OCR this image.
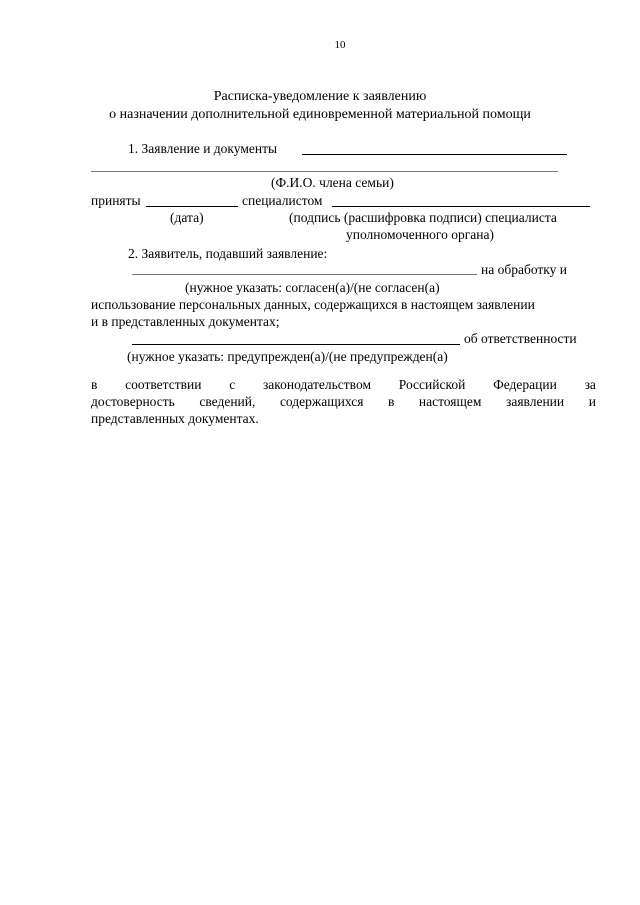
10
Расписка-уведомление к заявлению
о назначении дополнительной единовременной материальной помощи
1. Заявление и документы
(Ф.И.О. члена семьи)
приняты	специалистом
(дата)	(подпись (расшифровка подписи) специалиста
уполномоченного органа)
2. Заявитель, подавший заявление:
на обработку и
(нужное указать: согласен(а)/(не согласен(а)
использование персональных данных, содержащихся в настоящем заявлении
и в представленных документах;
об ответственности
(нужное указать: предупрежден(а)/(не предупрежден(а)
в соответствии с законодательством Российской Федерации за
достоверность сведений, содержащихся в настоящем заявлении и
представленных документах.
